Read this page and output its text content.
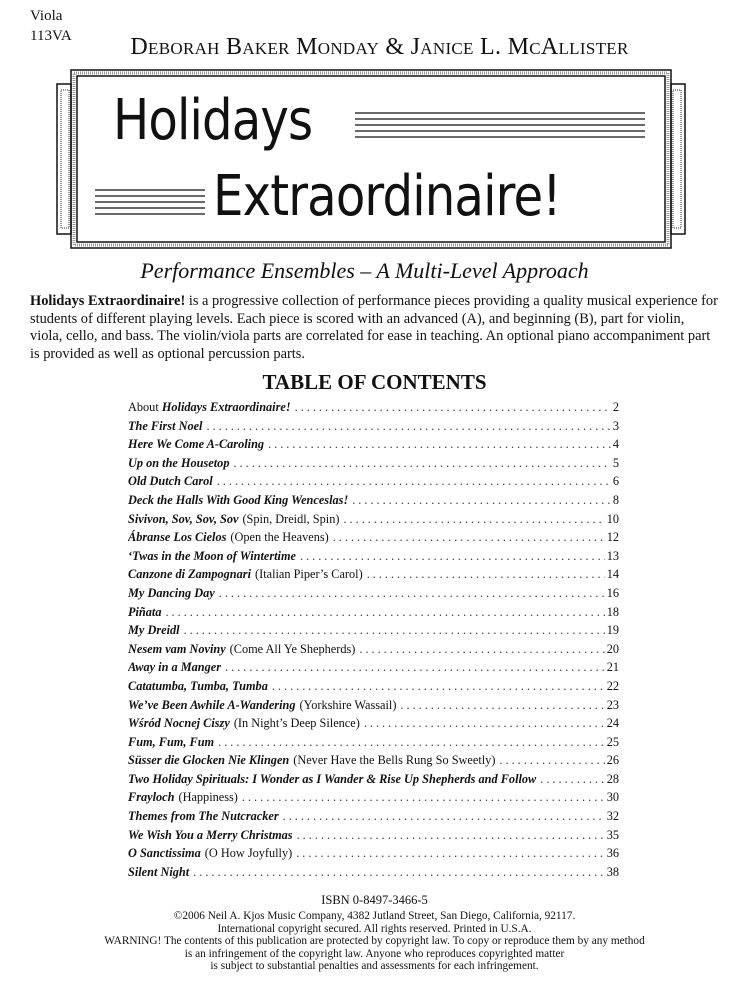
Viola
113VA	Deborah Baker Monday & Janice L. McAllister
Holidays
Extraordinaire!
Performance Ensembles – A Multi-Level Approach
Holidays Extraordinaire! is a progressive collection of performance pieces providing a quality musical experience for students of different playing levels. Each piece is scored with an advanced (A), and beginning (B), part for violin, viola, cello, and bass. The violin/viola parts are correlated for ease in teaching. An optional piano accompaniment part is provided as well as optional percussion parts.
TABLE OF CONTENTS
About Holidays Extraordinaire! .....	2
The First Noel .....	3
Here We Come A-Caroling .....	4
Up on the Housetop .....	5
Old Dutch Carol .....	6
Deck the Halls With Good King Wenceslas! .....	8
Sivivon, Sov, Sov, Sov (Spin, Dreidl, Spin) .....	10
Ábranse Los Cielos (Open the Heavens) .....	12
‘Twas in the Moon of Wintertime .....	13
Canzone di Zampognari (Italian Piper’s Carol) .....	14
My Dancing Day .....	16
Piñata .....	18
My Dreidl .....	19
Nesem vam Noviny (Come All Ye Shepherds) .....	20
Away in a Manger .....	21
Catatumba, Tumba, Tumba .....	22
We’ve Been Awhile A-Wandering (Yorkshire Wassail) .....	23
Wśród Nocnej Ciszy (In Night’s Deep Silence) .....	24
Fum, Fum, Fum .....	25
Süsser die Glocken Nie Klingen (Never Have the Bells Rung So Sweetly) .....	26
Two Holiday Spirituals: I Wonder as I Wander & Rise Up Shepherds and Follow .....	28
Frayloch (Happiness) .....	30
Themes from The Nutcracker .....	32
We Wish You a Merry Christmas .....	35
O Sanctissima (O How Joyfully) .....	36
Silent Night .....	38
ISBN 0-8497-3466-5
©2006 Neil A. Kjos Music Company, 4382 Jutland Street, San Diego, California, 92117.
International copyright secured. All rights reserved. Printed in U.S.A.
WARNING! The contents of this publication are protected by copyright law. To copy or reproduce them by any method
is an infringement of the copyright law. Anyone who reproduces copyrighted matter
is subject to substantial penalties and assessments for each infringement.
